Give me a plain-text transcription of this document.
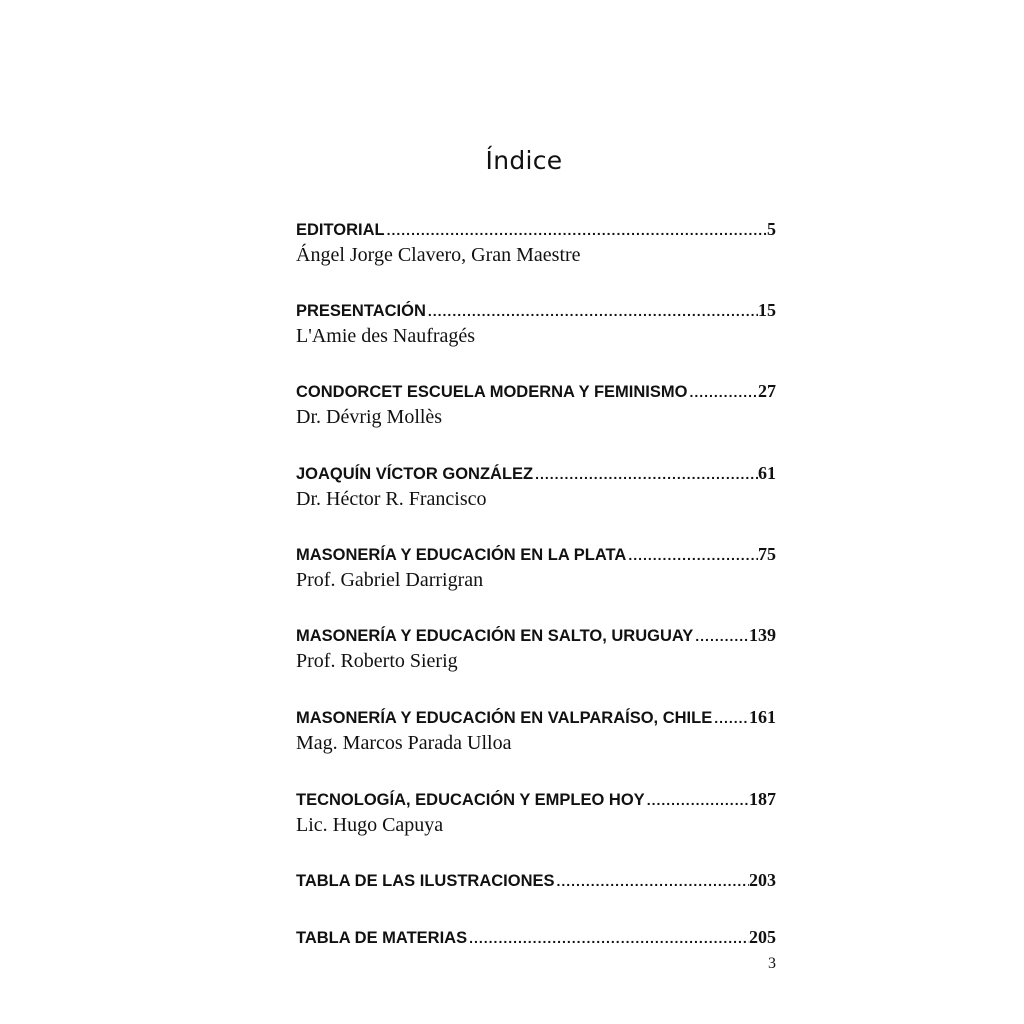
Índice
EDITORIAL .....	5
Ángel Jorge Clavero, Gran Maestre
PRESENTACIÓN .....	15
L'Amie des Naufragés
CONDORCET ESCUELA MODERNA Y FEMINISMO .....	27
Dr. Dévrig Mollès
JOAQUÍN VÍCTOR GONZÁLEZ .....	61
Dr. Héctor R. Francisco
MASONERÍA Y EDUCACIÓN EN LA PLATA .....	75
Prof. Gabriel Darrigran
MASONERÍA Y EDUCACIÓN EN SALTO, URUGUAY .....	139
Prof. Roberto Sierig
MASONERÍA Y EDUCACIÓN EN VALPARAÍSO, CHILE ..... 161
Mag. Marcos Parada Ulloa
TECNOLOGÍA, EDUCACIÓN Y EMPLEO HOY .....	187
Lic. Hugo Capuya
TABLA DE LAS ILUSTRACIONES .....	203
TABLA DE MATERIAS .....	205
3
